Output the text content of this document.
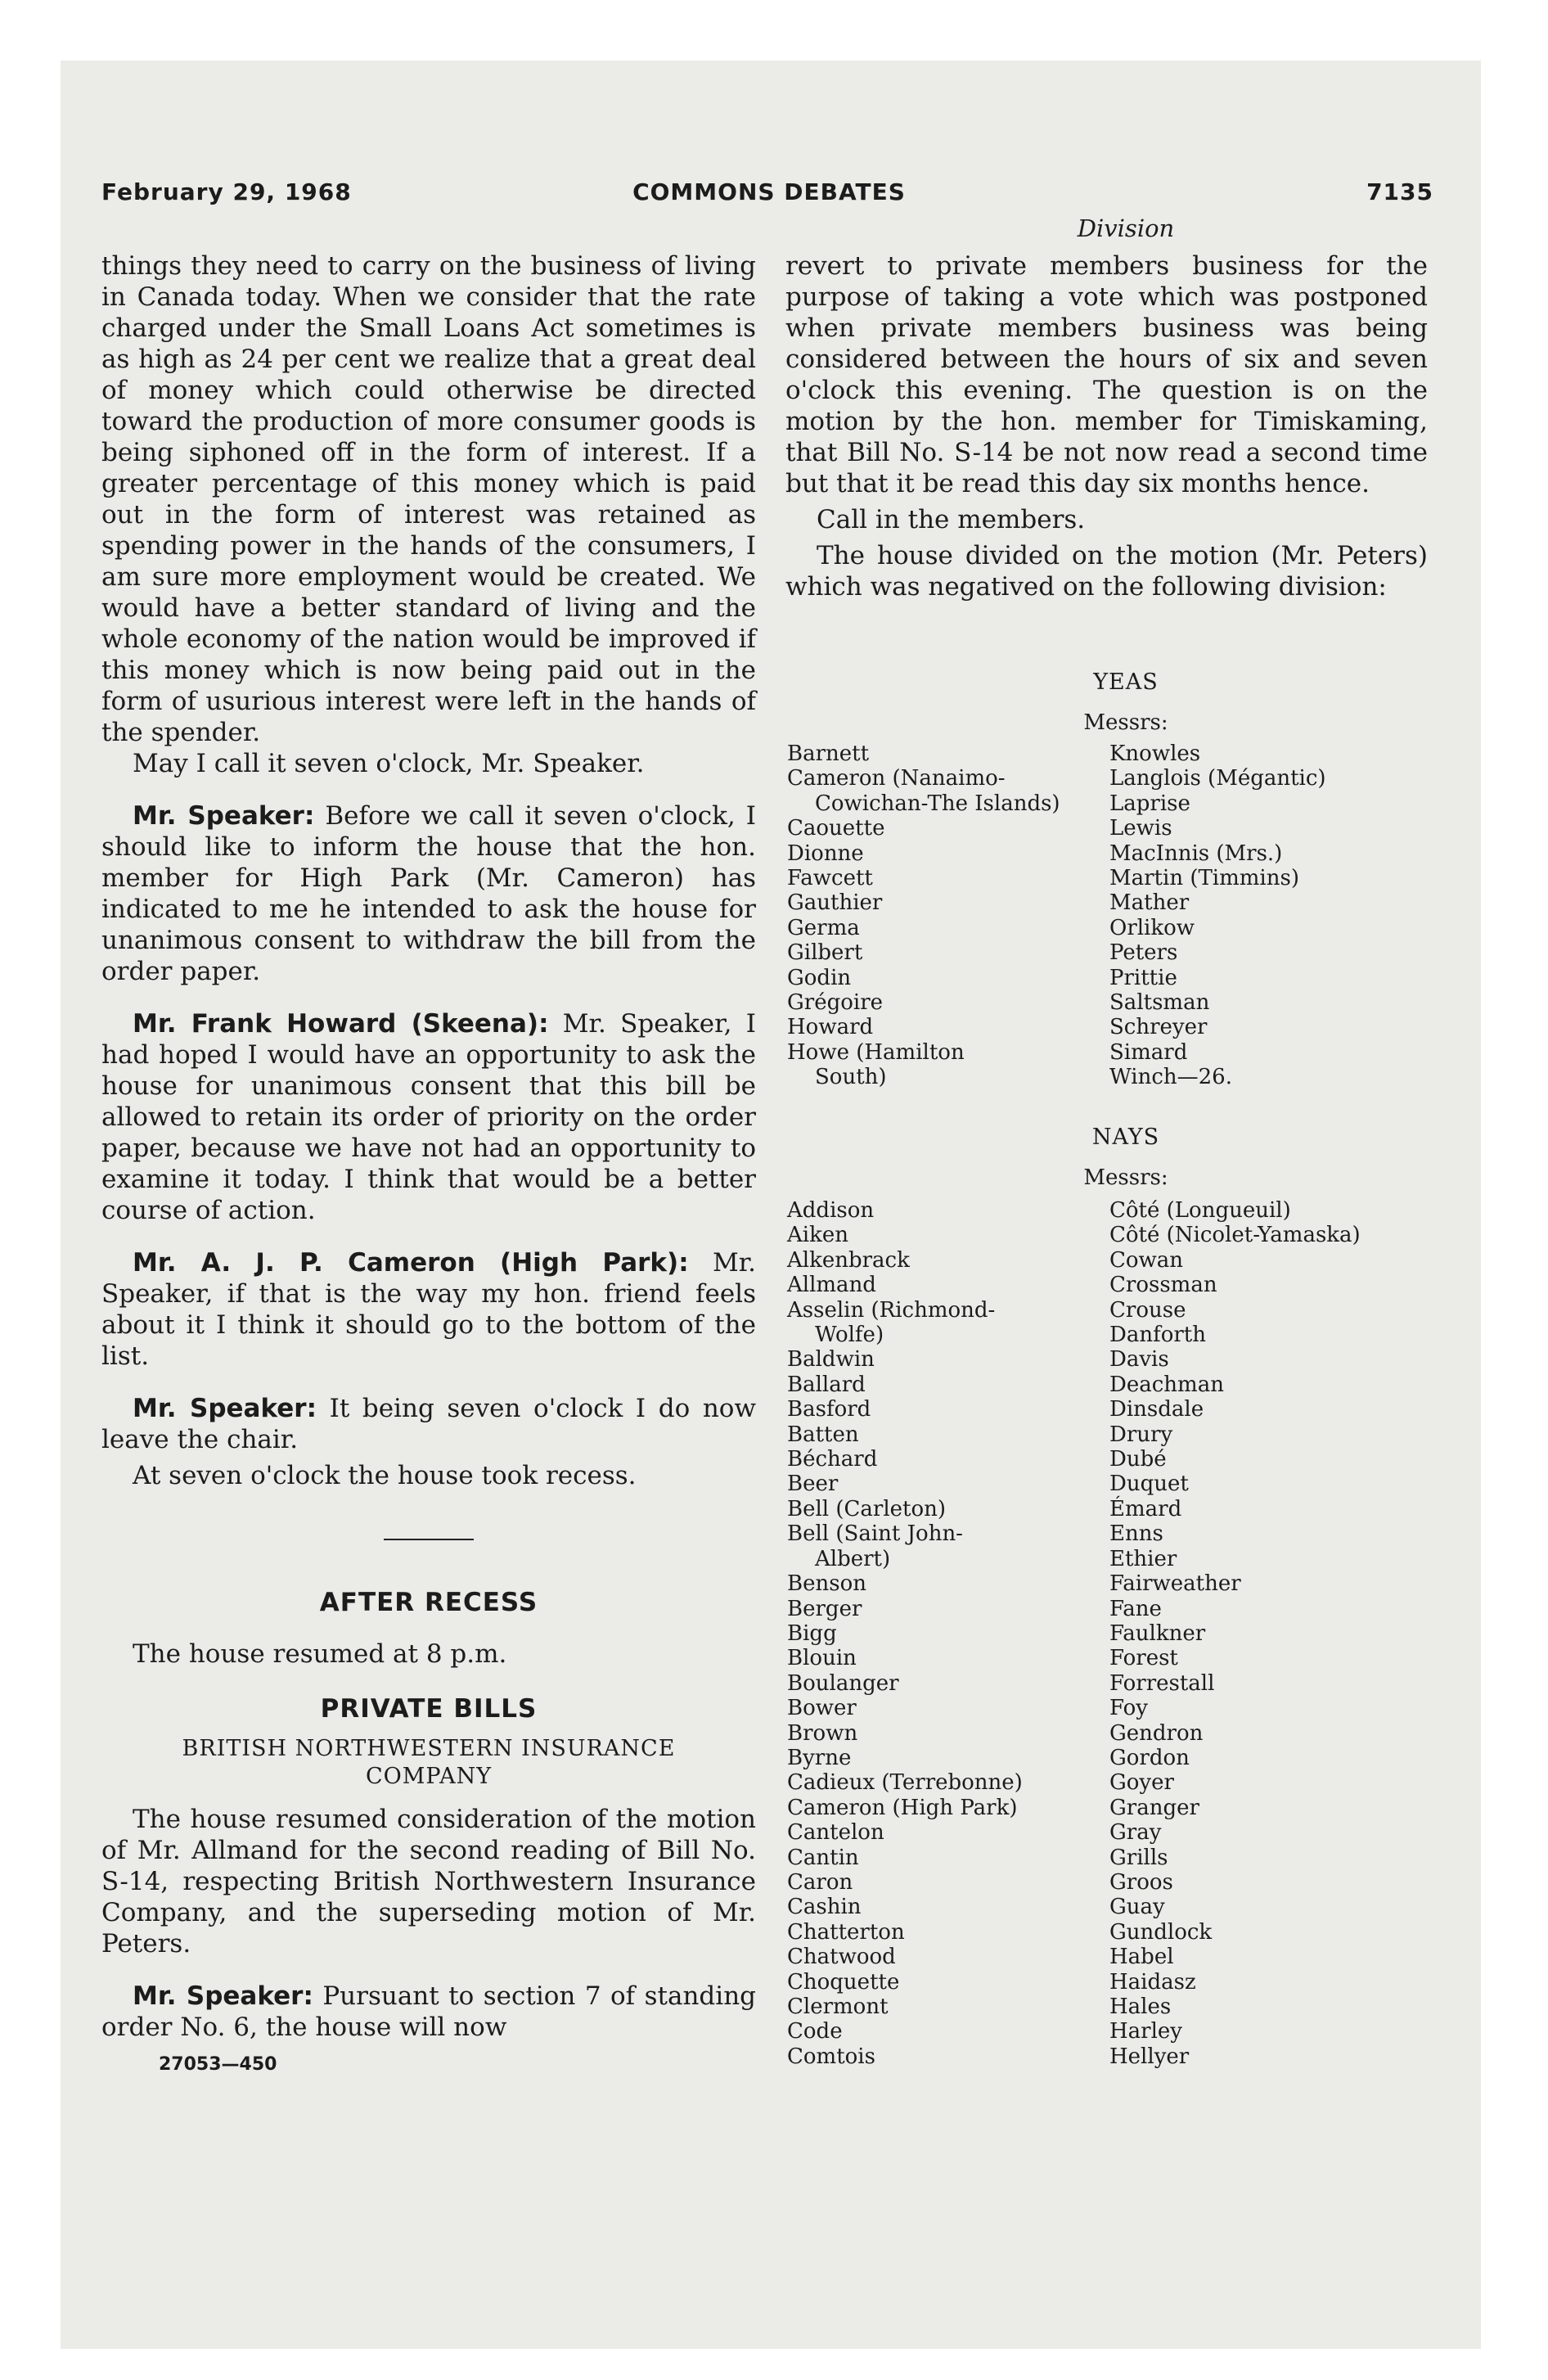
February 29, 1968	COMMONS DEBATES	7135
Division

things they need to carry on the business of living in Canada today. When we consider that the rate charged under the Small Loans Act sometimes is as high as 24 per cent we realize that a great deal of money which could otherwise be directed toward the production of more consumer goods is being siphoned off in the form of interest. If a greater percentage of this money which is paid out in the form of interest was retained as spending power in the hands of the consumers, I am sure more employment would be created. We would have a better standard of living and the whole economy of the nation would be improved if this money which is now being paid out in the form of usurious interest were left in the hands of the spender.

May I call it seven o'clock, Mr. Speaker.

Mr. Speaker: Before we call it seven o'clock, I should like to inform the house that the hon. member for High Park (Mr. Cameron) has indicated to me he intended to ask the house for unanimous consent to withdraw the bill from the order paper.

Mr. Frank Howard (Skeena): Mr. Speaker, I had hoped I would have an opportunity to ask the house for unanimous consent that this bill be allowed to retain its order of priority on the order paper, because we have not had an opportunity to examine it today. I think that would be a better course of action.

Mr. A. J. P. Cameron (High Park): Mr. Speaker, if that is the way my hon. friend feels about it I think it should go to the bottom of the list.

Mr. Speaker: It being seven o'clock I do now leave the chair.

At seven o'clock the house took recess.

AFTER RECESS

The house resumed at 8 p.m.

PRIVATE BILLS
BRITISH NORTHWESTERN INSURANCE COMPANY

The house resumed consideration of the motion of Mr. Allmand for the second reading of Bill No. S-14, respecting British Northwestern Insurance Company, and the superseding motion of Mr. Peters.

Mr. Speaker: Pursuant to section 7 of standing order No. 6, the house will now

27053—450

revert to private members business for the purpose of taking a vote which was postponed when private members business was being considered between the hours of six and seven o'clock this evening. The question is on the motion by the hon. member for Timiskaming, that Bill No. S-14 be not now read a second time but that it be read this day six months hence.

Call in the members.

The house divided on the motion (Mr. Peters) which was negatived on the following division:

YEAS
Messrs:
Barnett
Cameron (Nanaimo-
Cowichan-The Islands)
Caouette
Dionne
Fawcett
Gauthier
Germa
Gilbert
Godin
Grégoire
Howard
Howe (Hamilton
South)
Knowles
Langlois (Mégantic)
Laprise
Lewis
MacInnis (Mrs.)
Martin (Timmins)
Mather
Orlikow
Peters
Prittie
Saltsman
Schreyer
Simard
Winch—26.
NAYS
Messrs:
Addison
Aiken
Alkenbrack
Allmand
Asselin (Richmond-
Wolfe)
Baldwin
Ballard
Basford
Batten
Béchard
Beer
Bell (Carleton)
Bell (Saint John-
Albert)
Benson
Berger
Bigg
Blouin
Boulanger
Bower
Brown
Byrne
Cadieux (Terrebonne)
Cameron (High Park)
Cantelon
Cantin
Caron
Cashin
Chatterton
Chatwood
Choquette
Clermont
Code
Comtois
Côté (Longueuil)
Côté (Nicolet-Yamaska)
Cowan
Crossman
Crouse
Danforth
Davis
Deachman
Dinsdale
Drury
Dubé
Duquet
Émard
Enns
Ethier
Fairweather
Fane
Faulkner
Forest
Forrestall
Foy
Gendron
Gordon
Goyer
Granger
Gray
Grills
Groos
Guay
Gundlock
Habel
Haidasz
Hales
Harley
Hellyer
